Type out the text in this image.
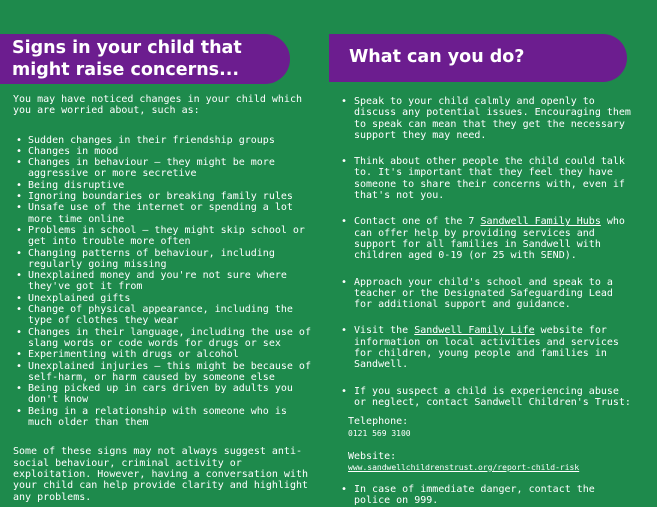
Signs in your child that might raise concerns...
What can you do?

You may have noticed changes in your child which you are worried about, such as:

• Sudden changes in their friendship groups
• Changes in mood
• Changes in behaviour – they might be more aggressive or more secretive
• Being disruptive
• Ignoring boundaries or breaking family rules
• Unsafe use of the internet or spending a lot more time online
• Problems in school – they might skip school or get into trouble more often
• Changing patterns of behaviour, including regularly going missing
• Unexplained money and you're not sure where they've got it from
• Unexplained gifts
• Change of physical appearance, including the type of clothes they wear
• Changes in their language, including the use of slang words or code words for drugs or sex
• Experimenting with drugs or alcohol
• Unexplained injuries – this might be because of self-harm, or harm caused by someone else
• Being picked up in cars driven by adults you don't know
• Being in a relationship with someone who is much older than them

Some of these signs may not always suggest anti-social behaviour, criminal activity or exploitation. However, having a conversation with your child can help provide clarity and highlight any problems.

• Speak to your child calmly and openly to discuss any potential issues. Encouraging them to speak can mean that they get the necessary support they may need.
• Think about other people the child could talk to. It's important that they feel they have someone to share their concerns with, even if that's not you.
• Contact one of the 7 Sandwell Family Hubs who can offer help by providing services and support for all families in Sandwell with children aged 0-19 (or 25 with SEND).
• Approach your child's school and speak to a teacher or the Designated Safeguarding Lead for additional support and guidance.
• Visit the Sandwell Family Life website for information on local activities and services for children, young people and families in Sandwell.
• If you suspect a child is experiencing abuse or neglect, contact Sandwell Children's Trust:

Telephone:

0121 569 3100

Website:

www.sandwellchildrenstrust.org/report-child-risk

• In case of immediate danger, contact the police on 999.
